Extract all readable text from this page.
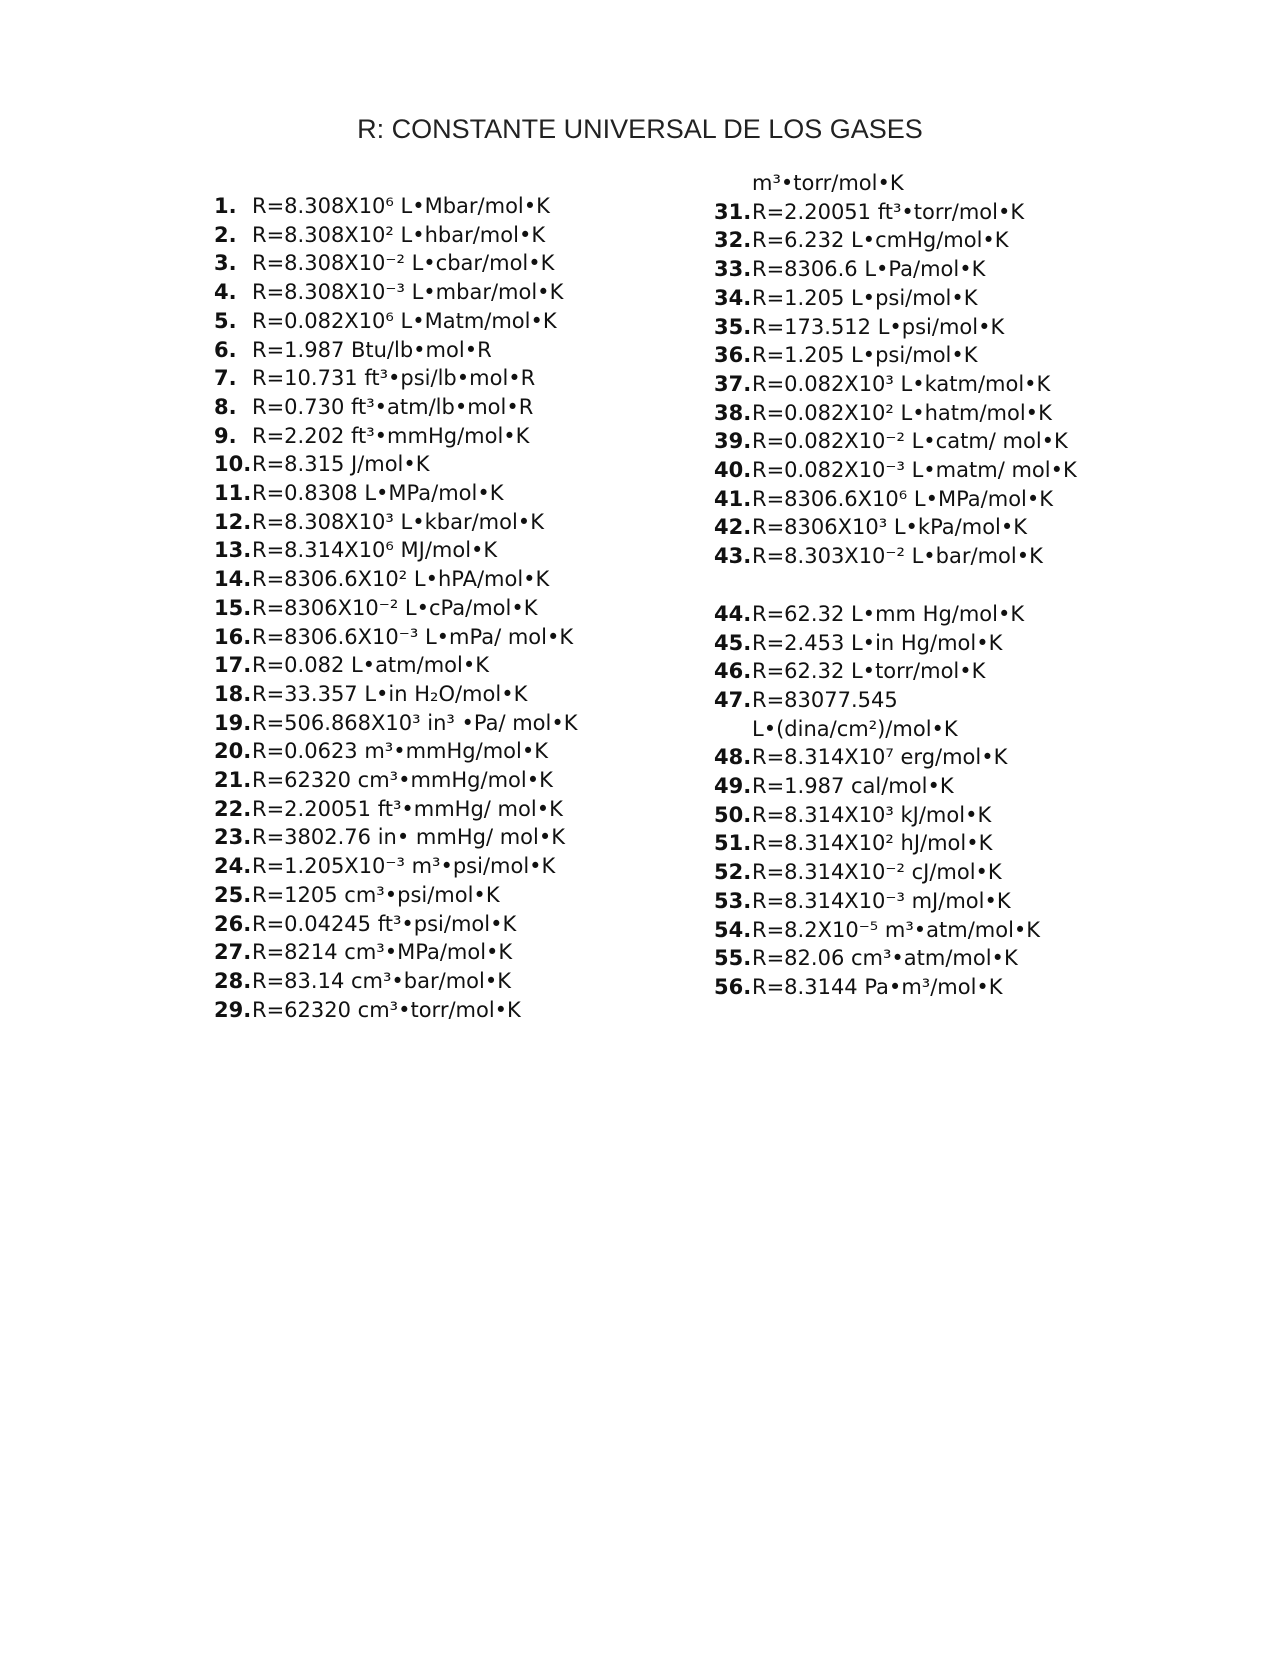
R: CONSTANTE UNIVERSAL DE LOS GASES
1. R=8.308X10⁶ L•Mbar/mol•K
2. R=8.308X10² L•hbar/mol•K
3. R=8.308X10⁻² L•cbar/mol•K
4. R=8.308X10⁻³ L•mbar/mol•K
5. R=0.082X10⁶ L•Matm/mol•K
6. R=1.987 Btu/lb•mol•R
7. R=10.731 ft³•psi/lb•mol•R
8. R=0.730 ft³•atm/lb•mol•R
9. R=2.202 ft³•mmHg/mol•K
10. R=8.315 J/mol•K
11. R=0.8308 L•MPa/mol•K
12. R=8.308X10³ L•kbar/mol•K
13. R=8.314X10⁶ MJ/mol•K
14. R=8306.6X10² L•hPA/mol•K
15. R=8306X10⁻² L•cPa/mol•K
16. R=8306.6X10⁻³ L•mPa/ mol•K
17. R=0.082 L•atm/mol•K
18. R=33.357 L•in H₂O/mol•K
19. R=506.868X10³ in³ •Pa/ mol•K
20. R=0.0623 m³•mmHg/mol•K
21. R=62320 cm³•mmHg/mol•K
22. R=2.20051 ft³•mmHg/ mol•K
23. R=3802.76 in• mmHg/ mol•K
24. R=1.205X10⁻³ m³•psi/mol•K
25. R=1205 cm³•psi/mol•K
26. R=0.04245 ft³•psi/mol•K
27. R=8214 cm³•MPa/mol•K
28. R=83.14 cm³•bar/mol•K
29. R=62320 cm³•torr/mol•K
m³•torr/mol•K
31. R=2.20051 ft³•torr/mol•K
32. R=6.232 L•cmHg/mol•K
33. R=8306.6 L•Pa/mol•K
34. R=1.205 L•psi/mol•K
35. R=173.512 L•psi/mol•K
36. R=1.205 L•psi/mol•K
37. R=0.082X10³ L•katm/mol•K
38. R=0.082X10² L•hatm/mol•K
39. R=0.082X10⁻² L•catm/ mol•K
40. R=0.082X10⁻³ L•matm/ mol•K
41. R=8306.6X10⁶ L•MPa/mol•K
42. R=8306X10³ L•kPa/mol•K
43. R=8.303X10⁻² L•bar/mol•K
44. R=62.32 L•mm Hg/mol•K
45. R=2.453 L•in Hg/mol•K
46. R=62.32 L•torr/mol•K
47. R=83077.545 L•(dina/cm²)/mol•K
48. R=8.314X10⁷ erg/mol•K
49. R=1.987 cal/mol•K
50. R=8.314X10³ kJ/mol•K
51. R=8.314X10² hJ/mol•K
52. R=8.314X10⁻² cJ/mol•K
53. R=8.314X10⁻³ mJ/mol•K
54. R=8.2X10⁻⁵ m³•atm/mol•K
55. R=82.06 cm³•atm/mol•K
56. R=8.3144 Pa•m³/mol•K
